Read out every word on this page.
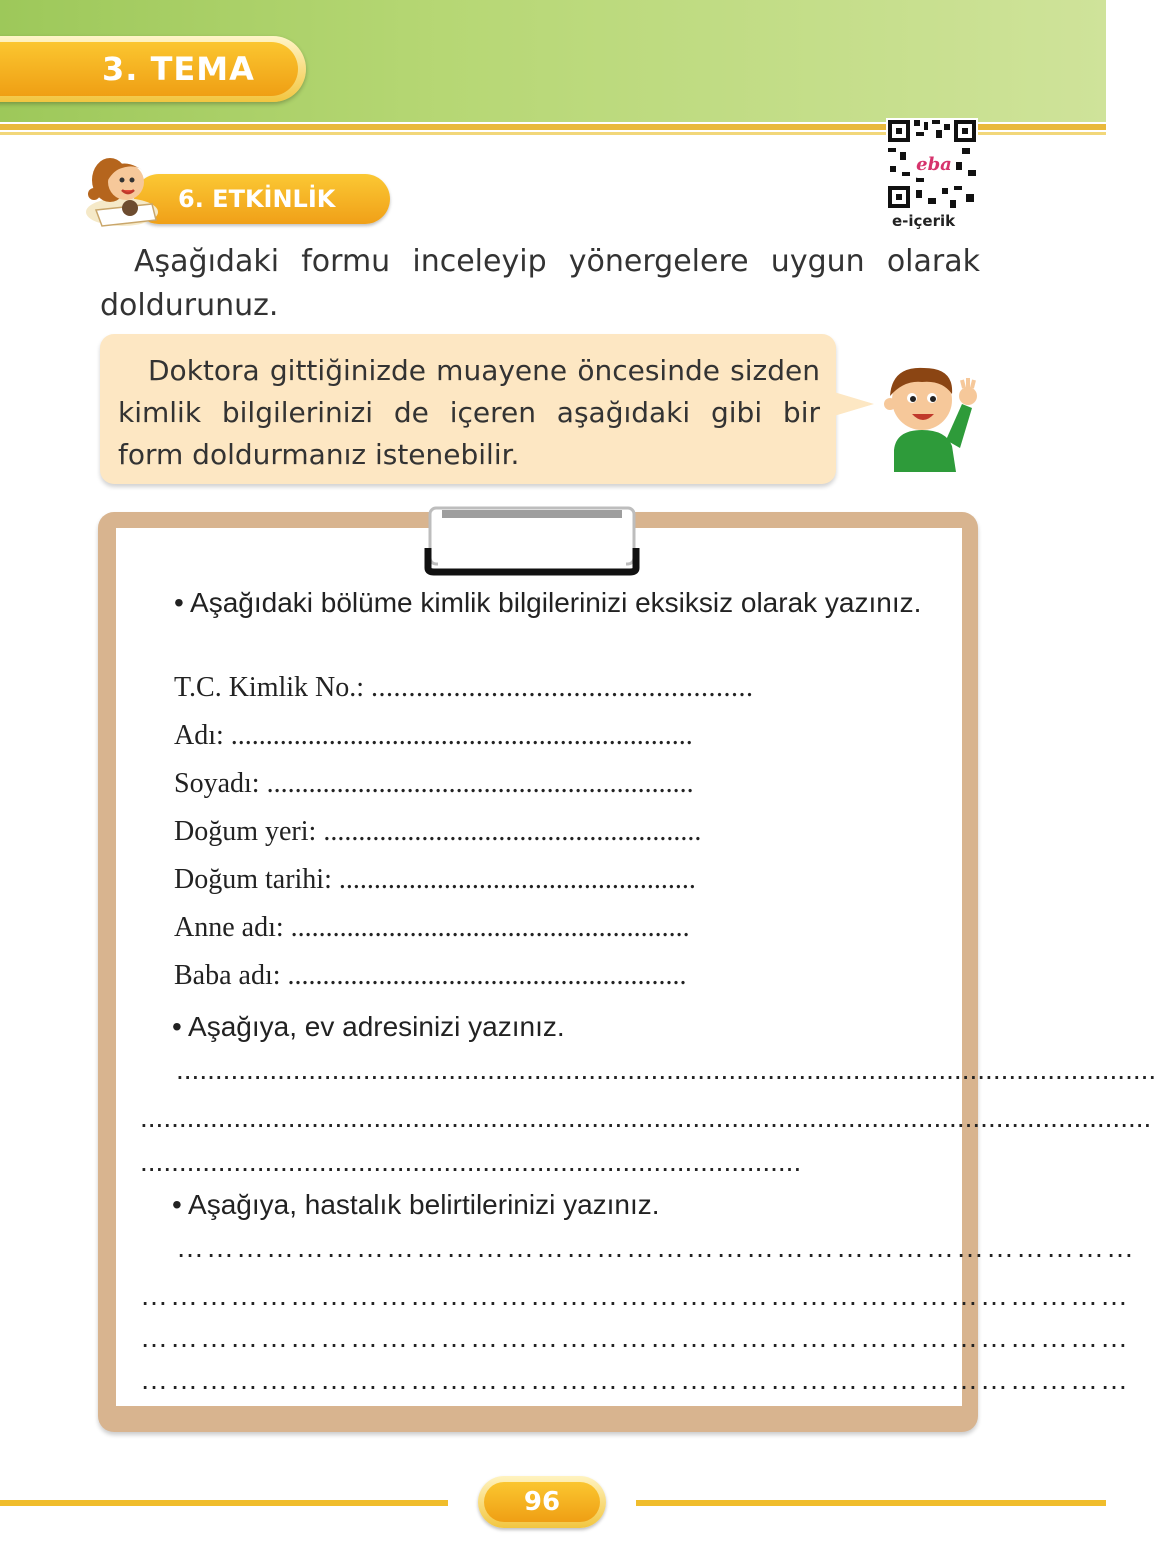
3. TEMA
6. ETKİNLİK
eba
e-içerik
Aşağıdaki formu inceleyip yönergelere uygun olarak doldurunuz.
Doktora gittiğinizde muayene öncesinde sizden kimlik bilgilerinizi de içeren aşağıdaki gibi bir form doldurmanız istenebilir.
• Aşağıdaki bölüme kimlik bilgilerinizi eksiksiz olarak yazınız.
T.C. Kimlik No.: ...................................................
Adı: ..................................................................
Soyadı: .............................................................
Doğum yeri: ......................................................
Doğum tarihi: ...................................................
Anne adı: .........................................................
Baba adı: .........................................................
• Aşağıya, ev adresinizi yazınız.
..............................................................................................................................
..................................................................................................................................
.....................................................................................
• Aşağıya, hastalık belirtilerinizi yazınız.
……………………………………………………………………………………
………………………………………………………………………………………
………………………………………………………………………………………
………………………………………………………………………………………
96
